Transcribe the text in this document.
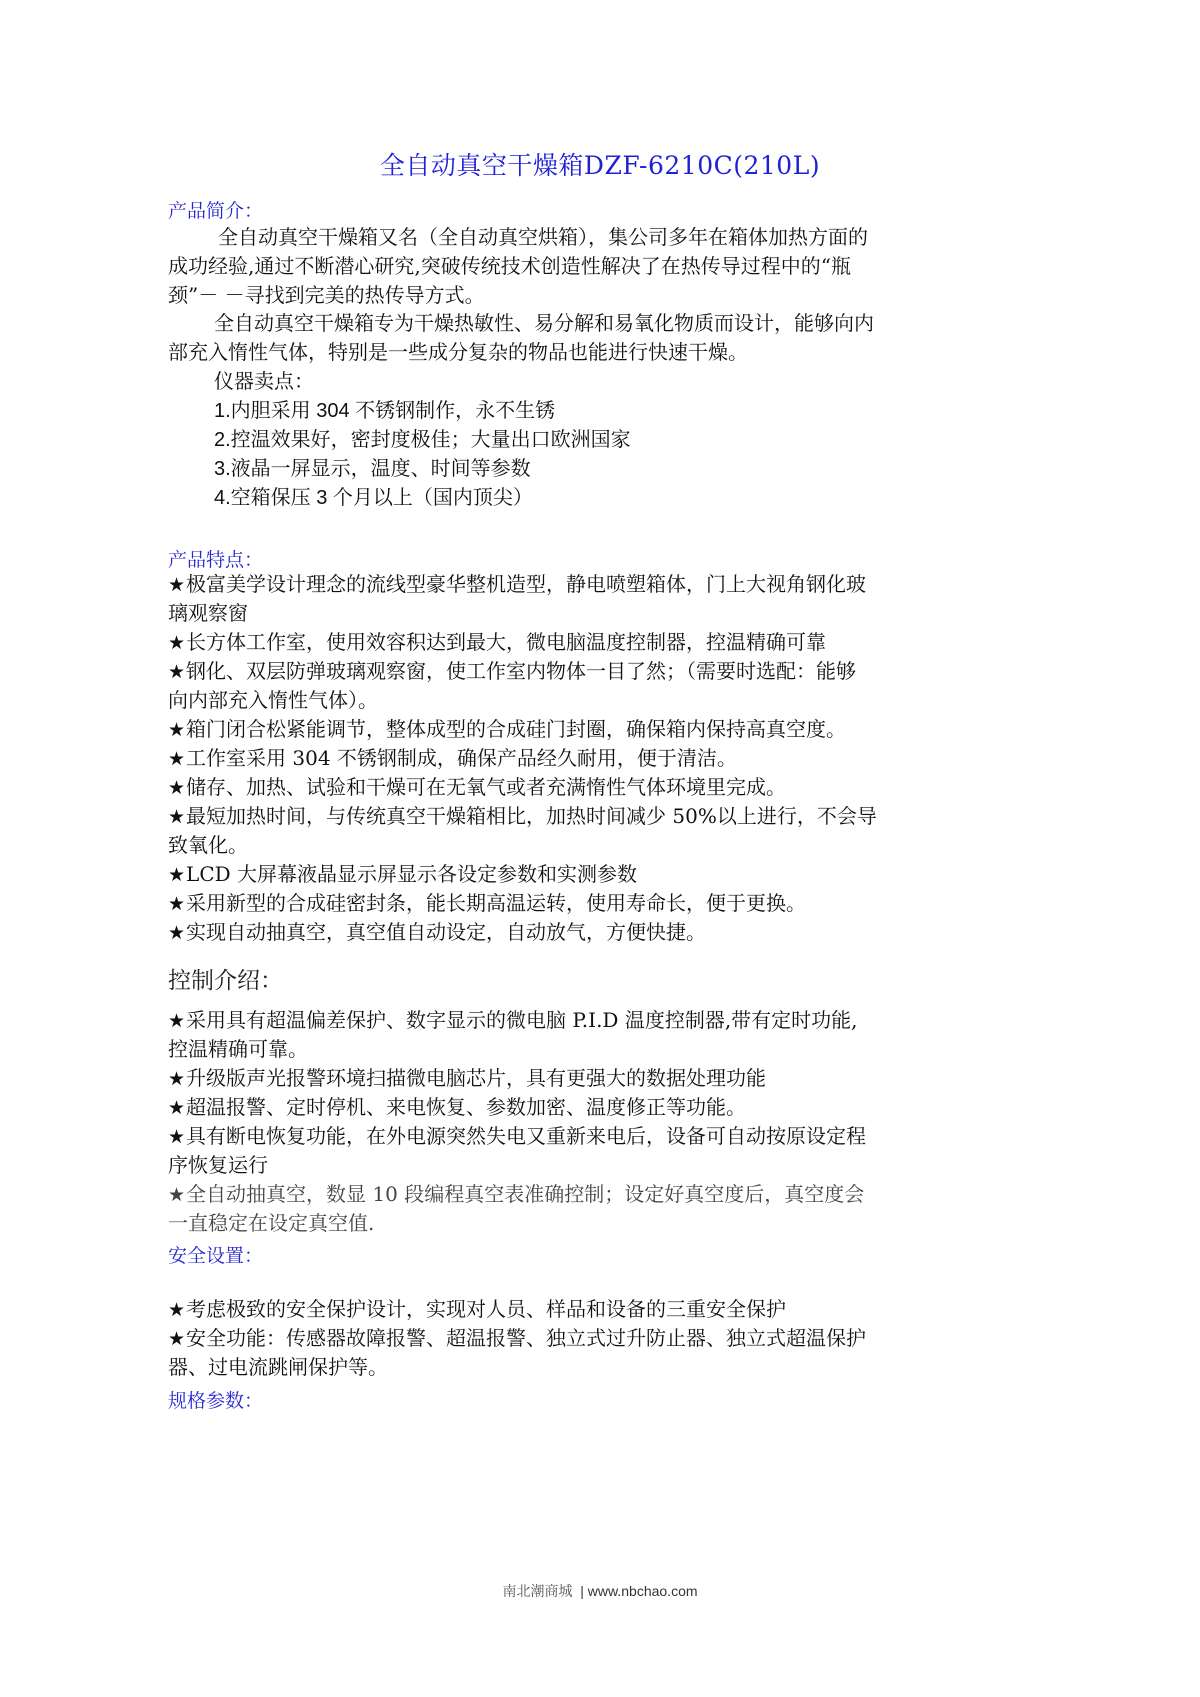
全自动真空干燥箱DZF-6210C(210L)
产品简介：
全自动真空干燥箱又名（全自动真空烘箱），集公司多年在箱体加热方面的
成功经验,通过不断潜心研究,突破传统技术创造性解决了在热传导过程中的“瓶
颈”－ －寻找到完美的热传导方式。
全自动真空干燥箱专为干燥热敏性、易分解和易氧化物质而设计，能够向内
部充入惰性气体，特别是一些成分复杂的物品也能进行快速干燥。
仪器卖点：
1.内胆采用 304 不锈钢制作，永不生锈
2.控温效果好，密封度极佳；大量出口欧洲国家
3.液晶一屏显示，温度、时间等参数
4.空箱保压 3 个月以上（国内顶尖）
产品特点：
★极富美学设计理念的流线型豪华整机造型，静电喷塑箱体，门上大视角钢化玻
璃观察窗
★长方体工作室，使用效容积达到最大，微电脑温度控制器，控温精确可靠
★钢化、双层防弹玻璃观察窗，使工作室内物体一目了然；（需要时选配：能够
向内部充入惰性气体）。
★箱门闭合松紧能调节，整体成型的合成硅门封圈，确保箱内保持高真空度。
★工作室采用 304 不锈钢制成，确保产品经久耐用，便于清洁。
★储存、加热、试验和干燥可在无氧气或者充满惰性气体环境里完成。
★最短加热时间，与传统真空干燥箱相比，加热时间减少 50%以上进行，不会导
致氧化。
★LCD 大屏幕液晶显示屏显示各设定参数和实测参数
★采用新型的合成硅密封条，能长期高温运转，使用寿命长，便于更换。
★实现自动抽真空，真空值自动设定，自动放气，方便快捷。
控制介绍：
★采用具有超温偏差保护、数字显示的微电脑 P.I.D 温度控制器,带有定时功能,
控温精确可靠。
★升级版声光报警环境扫描微电脑芯片，具有更强大的数据处理功能
★超温报警、定时停机、来电恢复、参数加密、温度修正等功能。
★具有断电恢复功能，在外电源突然失电又重新来电后，设备可自动按原设定程
序恢复运行
★全自动抽真空，数显 10 段编程真空表准确控制；设定好真空度后，真空度会
一直稳定在设定真空值.
安全设置：
★考虑极致的安全保护设计，实现对人员、样品和设备的三重安全保护
★安全功能：传感器故障报警、超温报警、独立式过升防止器、独立式超温保护
器、过电流跳闸保护等。
规格参数：
南北潮商城 | www.nbchao.com
